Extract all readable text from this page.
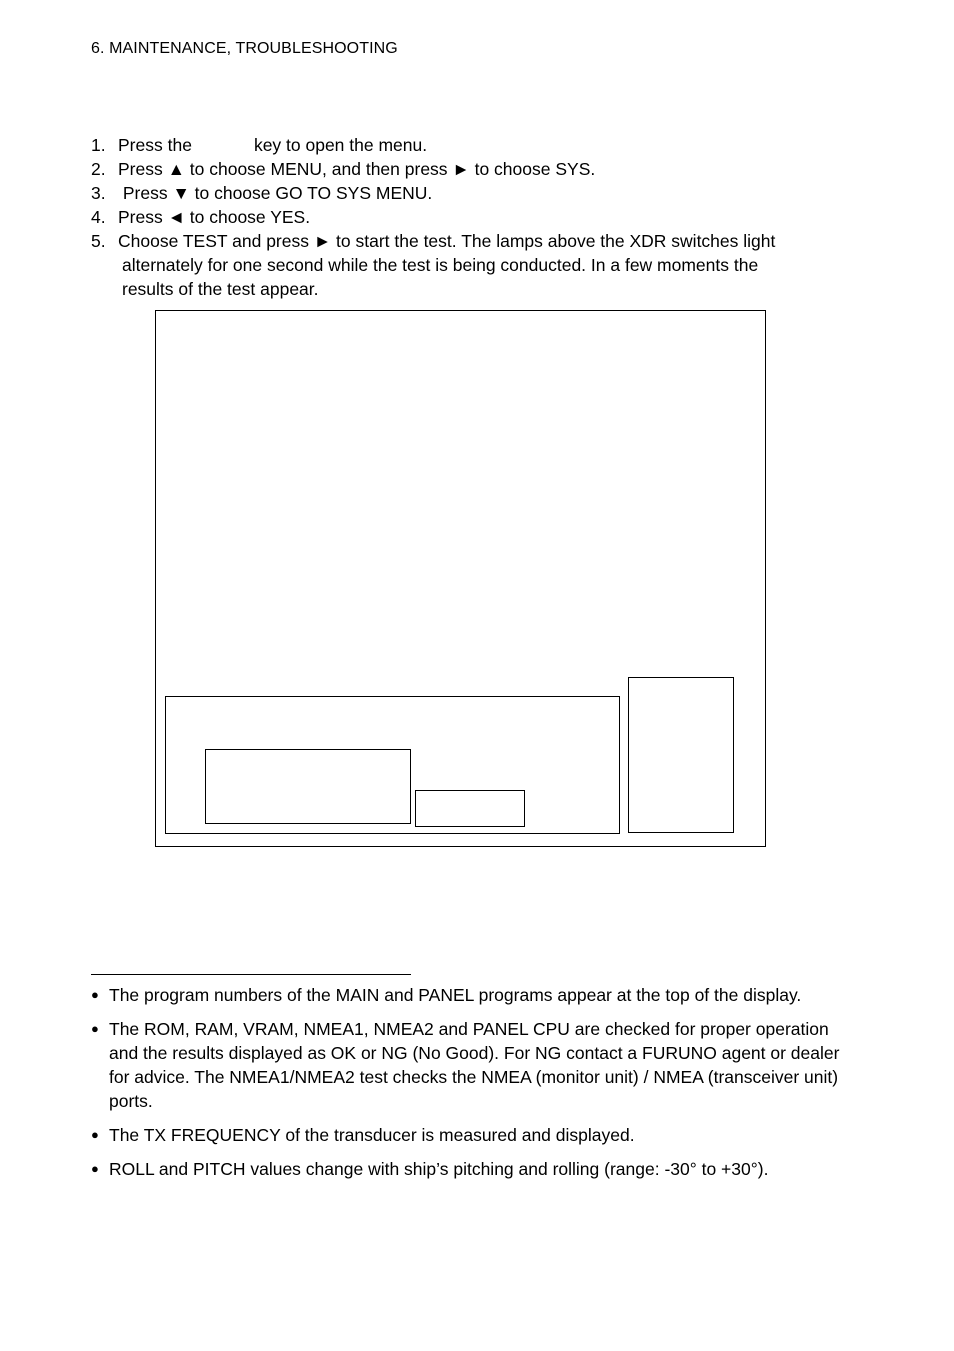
6. MAINTENANCE, TROUBLESHOOTING
1. Press the	key to open the menu.
2. Press ▲ to choose MENU, and then press ► to choose SYS.
3. Press ▼ to choose GO TO SYS MENU.
4. Press ◄ to choose YES.
5. Choose TEST and press ► to start the test. The lamps above the XDR switches light
alternately for one second while the test is being conducted. In a few moments the
results of the test appear.
● The program numbers of the MAIN and PANEL programs appear at the top of the display.
● The ROM, RAM, VRAM, NMEA1, NMEA2 and PANEL CPU are checked for proper operation and the results displayed as OK or NG (No Good). For NG contact a FURUNO agent or dealer for advice. The NMEA1/NMEA2 test checks the NMEA (monitor unit) / NMEA (transceiver unit) ports.
● The TX FREQUENCY of the transducer is measured and displayed.
● ROLL and PITCH values change with ship’s pitching and rolling (range: -30° to +30°).
